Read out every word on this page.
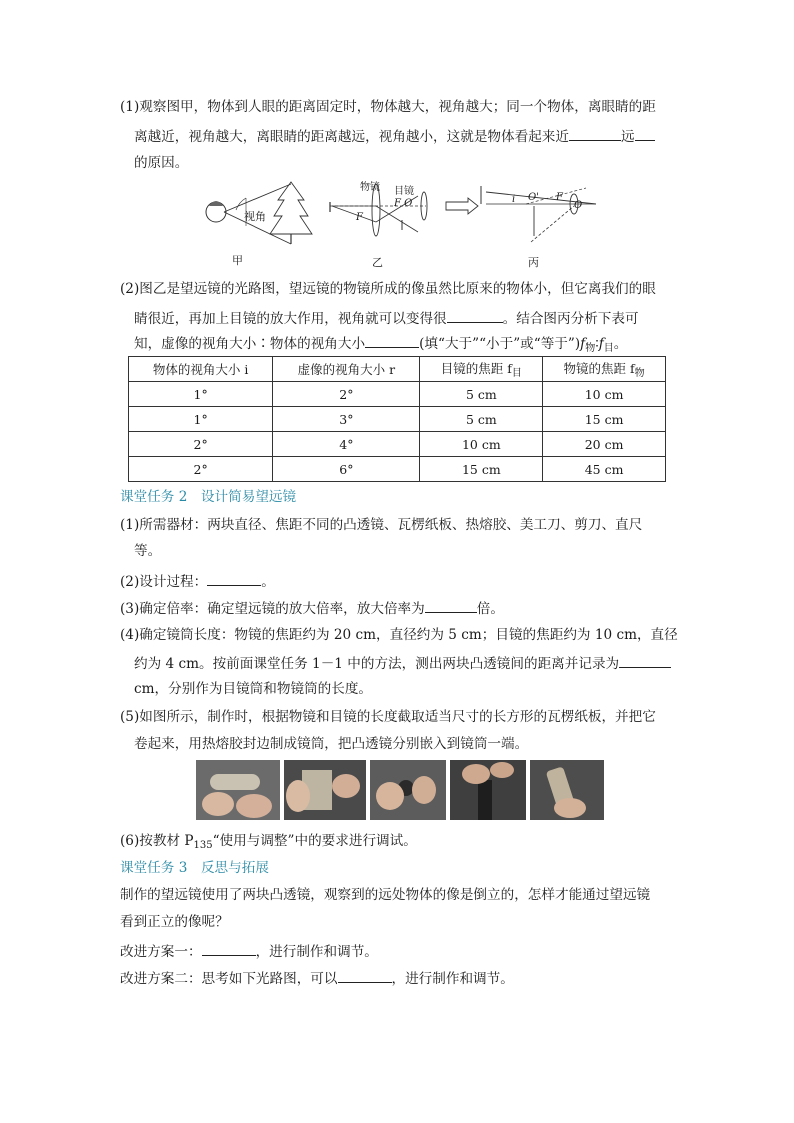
(1)观察图甲，物体到人眼的距离固定时，物体越大，视角越大；同一个物体，离眼睛的距
离越近，视角越大，离眼睛的距离越远，视角越小，这就是物体看起来近	远
的原因。
视角
物镜 目镜
F
F O	i O' F
O
甲	乙	丙
(2)图乙是望远镜的光路图，望远镜的物镜所成的像虽然比原来的物体小，但它离我们的眼
睛很近，再加上目镜的放大作用，视角就可以变得很	。结合图丙分析下表可
知，虚像的视角大小∶物体的视角大小	(填“大于”“小于”或“等于$”)f_物∶f_目$。
物体的视角大小 i	虚像的视角大小 r	目镜的焦距 $f_目$	物镜的焦距 $f_物$
1°	2°	5 cm	10 cm
1°	3°	5 cm	15 cm
2°	4°	10 cm	20 cm
2°	6°	15 cm	45 cm
课堂任务 2　设计简易望远镜
(1)所需器材：两块直径、焦距不同的凸透镜、瓦楞纸板、热熔胶、美工刀、剪刀、直尺
等。
(2)设计过程：	。
(3)确定倍率：确定望远镜的放大倍率，放大倍率为	倍。
(4)确定镜筒长度：物镜的焦距约为 20 cm，直径约为 5 cm；目镜的焦距约为 10 cm，直径
约为 4 cm。按前面课堂任务 1－1 中的方法，测出两块凸透镜间的距离并记录为
cm，分别作为目镜筒和物镜筒的长度。
(5)如图所示，制作时，根据物镜和目镜的长度截取适当尺寸的长方形的瓦楞纸板，并把它
卷起来，用热熔胶封边制成镜筒，把凸透镜分别嵌入到镜筒一端。
(6)按教材 $P_{135}“$使用与调整”中的要求进行调试。
课堂任务 3　反思与拓展
制作的望远镜使用了两块凸透镜，观察到的远处物体的像是倒立的，怎样才能通过望远镜
看到正立的像呢？
改进方案一：	，进行制作和调节。
改进方案二：思考如下光路图，可以	，进行制作和调节。
